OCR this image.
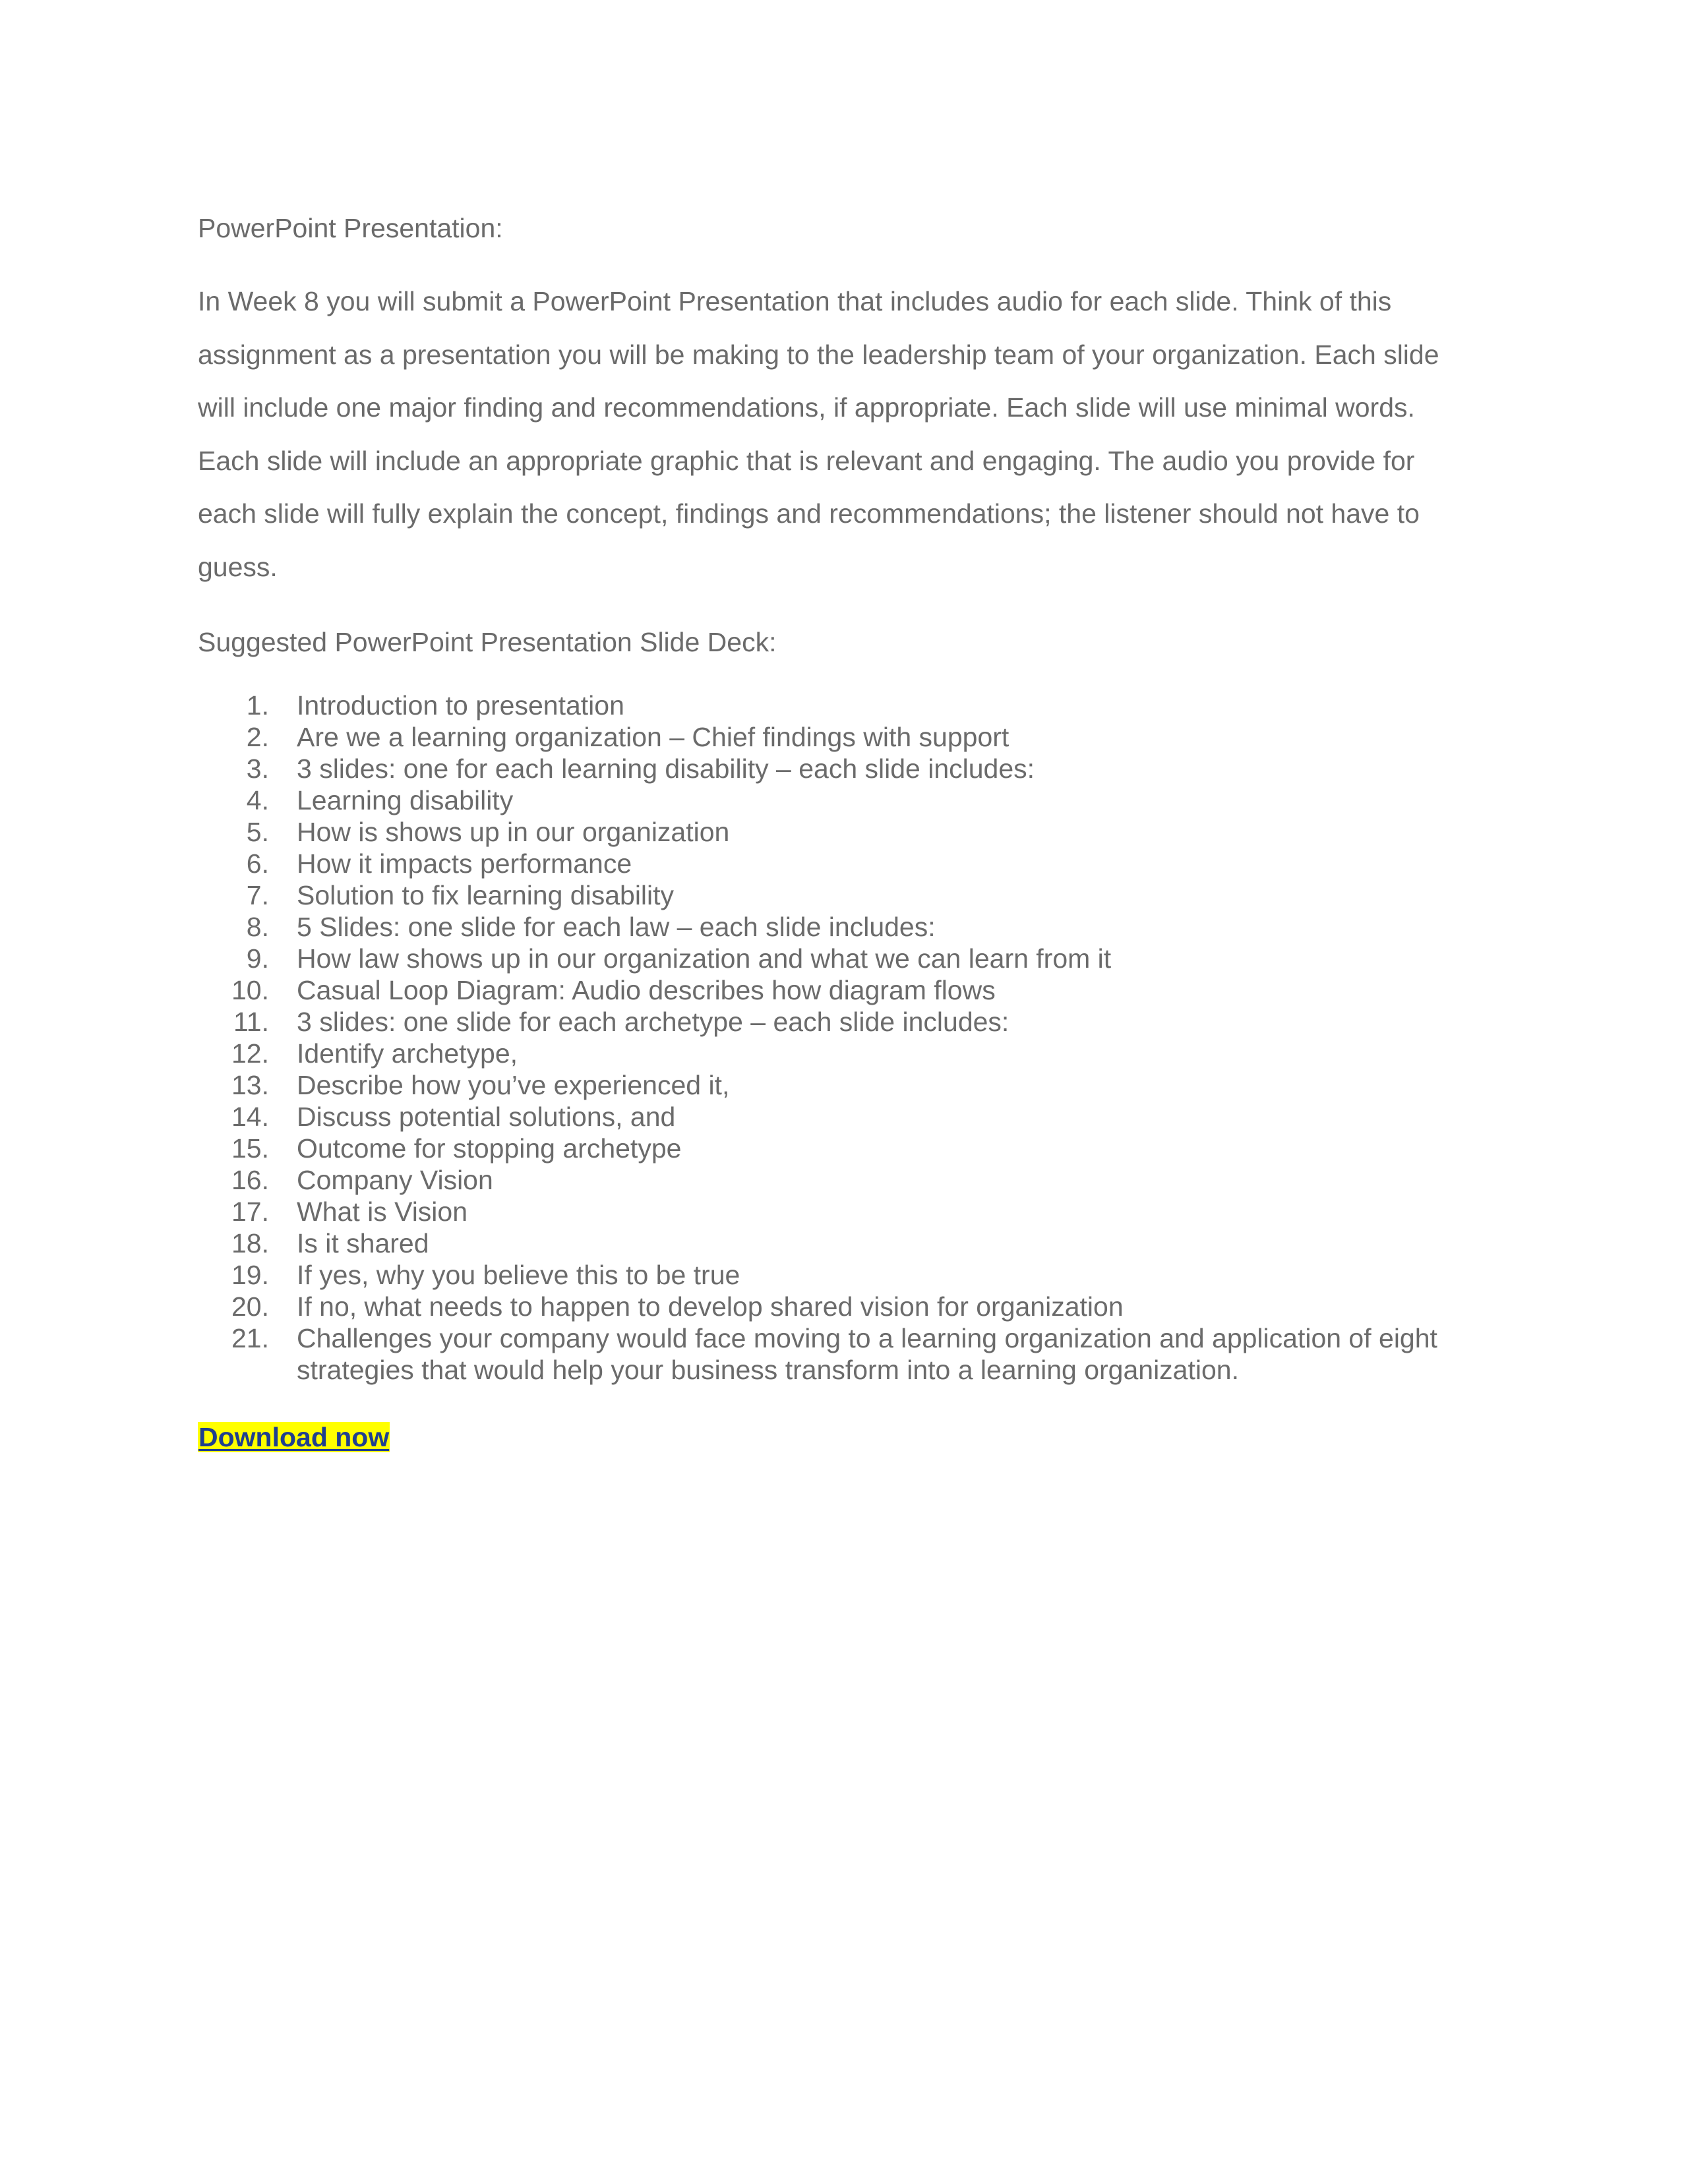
PowerPoint Presentation:

In Week 8 you will submit a PowerPoint Presentation that includes audio for each slide. Think of this
assignment as a presentation you will be making to the leadership team of your organization. Each slide
will include one major finding and recommendations, if appropriate. Each slide will use minimal words.
Each slide will include an appropriate graphic that is relevant and engaging. The audio you provide for
each slide will fully explain the concept, findings and recommendations; the listener should not have to
guess.

Suggested PowerPoint Presentation Slide Deck:

1. Introduction to presentation
2. Are we a learning organization – Chief findings with support
3. 3 slides: one for each learning disability – each slide includes:
4. Learning disability
5. How is shows up in our organization
6. How it impacts performance
7. Solution to fix learning disability
8. 5 Slides: one slide for each law – each slide includes:
9. How law shows up in our organization and what we can learn from it
10. Casual Loop Diagram: Audio describes how diagram flows
11. 3 slides: one slide for each archetype – each slide includes:
12. Identify archetype,
13. Describe how you’ve experienced it,
14. Discuss potential solutions, and
15. Outcome for stopping archetype
16. Company Vision
17. What is Vision
18. Is it shared
19. If yes, why you believe this to be true
20. If no, what needs to happen to develop shared vision for organization
21. Challenges your company would face moving to a learning organization and application of eight strategies that would help your business transform into a learning organization.
Download now
